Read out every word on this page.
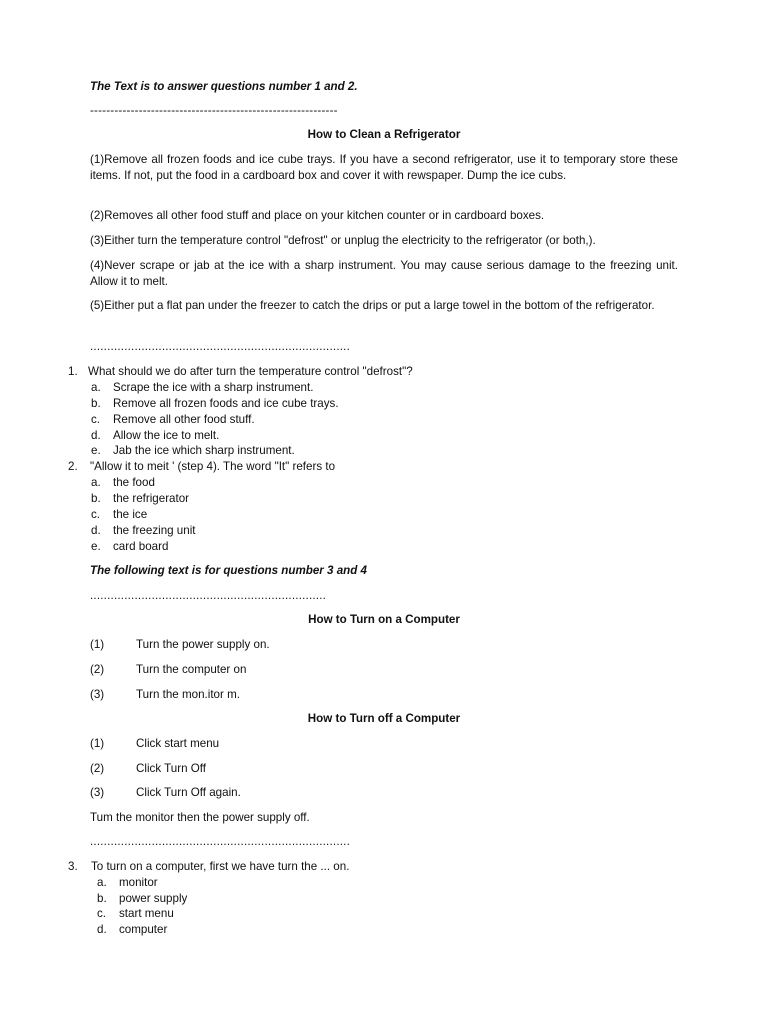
The Text is to answer questions number 1 and 2.

-------------------------------------------------------------

How to Clean a Refrigerator

(1)Remove all frozen foods and ice cube trays. If you have a second refrigerator, use it to temporary store these items. If not, put the food in a cardboard box and cover it with rewspaper. Dump the ice cubs.

(2)Removes all other food stuff and place on your kitchen counter or in cardboard boxes.

(3)Either turn the temperature control "defrost" or unplug the electricity to the refrigerator (or both,).

(4)Never scrape or jab at the ice with a sharp instrument. You may cause serious damage to the freezing unit. Allow it to melt.

(5)Either put a flat pan under the freezer to catch the drips or put a large towel in the bottom of the refrigerator.

............................................................................

1. What should we do after turn the temperature control "defrost"?

a. Scrape the ice with a sharp instrument.

b. Remove all frozen foods and ice cube trays.

c. Remove all other food stuff.

d. Allow the ice to melt.

e. Jab the ice which sharp instrument.

2. "Allow it to meit ' (step 4). The word "It" refers to

a. the food

b. the refrigerator

c. the ice

d. the freezing unit

e. card board

The following text is for questions number 3 and 4

.....................................................................

How to Turn on a Computer

(1)	Turn the power supply on.

(2)	Turn the computer on

(3)	Turn the mon.itor m.

How to Turn off a Computer

(1)	Click start menu

(2)	Click Turn Off

(3)	Click Turn Off again.

Tum the monitor then the power supply off.

............................................................................

3. To turn on a computer, first we have turn the ... on.

a. monitor

b. power supply

c. start menu

d. computer
